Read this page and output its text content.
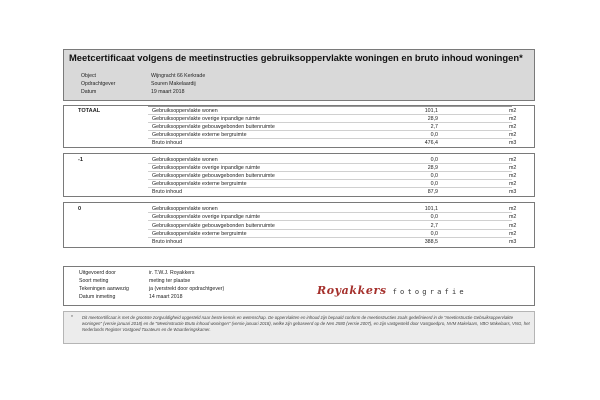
Meetcertificaat volgens de meetinstructies gebruiksoppervlakte woningen en bruto inhoud woningen*
Object	Wijngracht 66 Kerkrade
Opdrachtgever	Souren Makelaardij
Datum	19 maart 2018
TOTAAL	Gebruiksoppervlakte wonen	101,1	m2
Gebruiksoppervlakte overige inpandige ruimte	28,9	m2
Gebruiksoppervlakte gebouwgebonden buitenruimte	2,7	m2
Gebruiksoppervlakte externe bergruimte	0,0	m2
Bruto inhoud	476,4	m3
-1	Gebruiksoppervlakte wonen	0,0	m2
Gebruiksoppervlakte overige inpandige ruimte	28,9	m2
Gebruiksoppervlakte gebouwgebonden buitenruimte	0,0	m2
Gebruiksoppervlakte externe bergruimte	0,0	m2
Bruto inhoud	87,9	m3
0	Gebruiksoppervlakte wonen	101,1	m2
Gebruiksoppervlakte overige inpandige ruimte	0,0	m2
Gebruiksoppervlakte gebouwgebonden buitenruimte	2,7	m2
Gebruiksoppervlakte externe bergruimte	0,0	m2
Bruto inhoud	388,5	m3
Uitgevoerd door	ir. T.W.J. Royakkers
Soort meting	meting ter plaatse
Tekeningen aanwezig	ja (verstrekt door opdrachtgever)
Datum inmeting	14 maart 2018	Royakkers fotografie
* Dit meetcertificaat is met de grootste zorgvuldigheid opgesteld naar beste kennis en wetenschap. De oppervlakten en inhoud zijn bepaald conform de meetinstructies zoals gedefinieerd in de "meetinstructie Gebruiksoppervlakte woningen" (versie januari 2018) en de "Meetinstructie Bruto inhoud woningen" (versie januari 2018), welke zijn gebaseerd op de Nen 2580 (versie 2007), en zijn vastgesteld door Vastgoedpro, NVM Makelaars, VBO Makelaars, VNG, het Nederlands Register Vastgoed Taxateurs en de Waarderingskamer.
